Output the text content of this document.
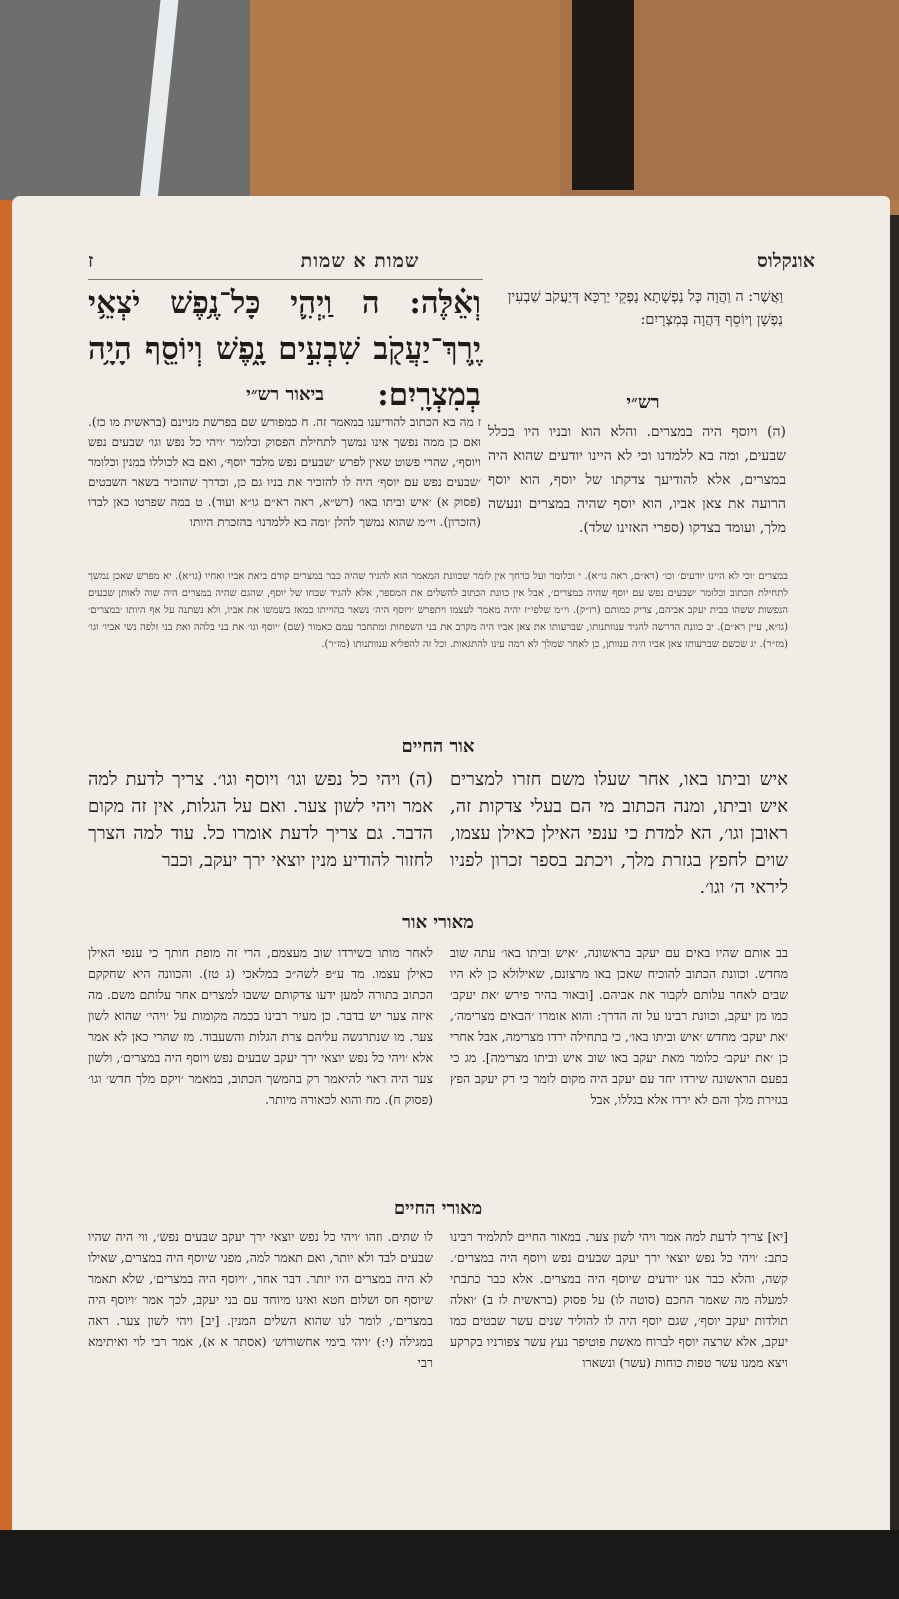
אונקלוס
שמות א שמות
ז
וְאֵ֗לֶּה: ה וַֽיְהִ֛י כָּל־נֶ֥פֶשׁ יֹצְאֵ֥י יֶֽרֶךְ־יַעֲקֹ֖ב שִׁבְעִ֣ים נָ֑פֶשׁ וְיוֹסֵ֖ף הָיָ֥ה בְמִצְרָֽיִם:
וַאֲשֶׁר: ה וַהֲוָה כָּל נַפְשָׁתָא נָפְקֵי יַרְכָּא דְּיַעֲקֹב שַׁבְעִין נַפְשָׁן וְיוֹסֵף דַּהֲוָה בְּמִצְרָיִם:
רש״י
(ה) ויוסף היה במצרים. והלא הוא ובניו היו בכלל שבעים, ומה בא ללמדנו וכי לא היינו יודעים שהוא היה במצרים, אלא להודיעך צדקתו של יוסף, הוא יוסף הרועה את צאן אביו, הוא יוסף שהיה במצרים ונעשה מלך, ועומד בצדקו (ספרי האזינו שלד).
ביאור רש״י
ז מה בא הכתוב להודיענו במאמר זה. ח כמפורש שם בפרשת מניינם (בראשית מו כז). ואם כן ממה נפשך אינו נמשך לתחילת הפסוק וכלומר ׳ויהי כל נפש וגו׳ שבעים נפש ויוסף׳, שהרי פשוט שאין לפרש ׳שבעים נפש מלבד יוסף׳, ואם בא לכוללו במנין וכלומר ׳שבעים נפש עם יוסף׳ היה לו להזכיר את בניו גם כן, וכדרך שהזכיר בשאר השבטים (פסוק א) ׳איש וביתו באו׳ (רש״א, ראה רא״ם גו״א ועוד). ט במה שפרטו כאן לבדו (הזכרון). וי״מ שהוא נמשך להלן ׳ומה בא ללמדנו׳ בהזכרת היותו
במצרים ׳וכי לא היינו יודעים׳ וכו׳ (רא״ם, ראה גו״א). י וכלומר ועל כרחך אין לומר שכוונת המאמר הוא להגיד שהיה כבר במצרים קודם ביאת אביו ואחיו (גו״א). יא מפרש שאכן נמשך לתחילת הכתוב וכלומר ׳שבעים נפש עם יוסף שהיה במצרים׳, אבל אין כוונת הכתוב להשלים את המספר, אלא להגיד שבחו של יוסף, שהגם שהיה במצרים היה שוה לאותן שבעים הנפשות ששהו בבית יעקב אביהם, צדיק כמותם (רז״ק). וי״מ שלפי״ז יהיה מאמר לעצמו ויתפרש ׳ויוסף היה׳ נשאר בהוייתו כמאז בשמשו את אביו, ולא נשתנה על אף היותו ׳במצרים׳ (גו״א, עיין רא״ם). יב כוונת הדרשה להגיד ענוותנותו, שברעותו את צאן אביו היה מקרב את בני השפחות ומתחבר עמם כאמור (שם) ׳יוסף וגו׳ את בני בלהה ואת בני זלפה נשי אביו׳ וגו׳ (מז״ר). יג שכשם שברעותו צאן אביו היה ענוותן, כן לאחר שמלך לא רמה עינו להתגאות. וכל זה להפליא ענוותנותו (מז״ר).
אור החיים
איש וביתו באו, אחר שעלו משם חזרו למצרים איש וביתו, ומנה הכתוב מי הם בעלי צדקות זה, ראובן וגו׳, הא למדת כי ענפי האילן כאילן עצמו, שוים לחפץ בגזרת מלך, ויכתב בספר זכרון לפניו ליראי ה׳ וגו׳.
(ה) ויהי כל נפש וגו׳ ויוסף וגו׳. צריך לדעת למה אמר ויהי לשון צער. ואם על הגלות, אין זה מקום הדבר. גם צריך לדעת אומרו כל. עוד למה הצרך לחזור להודיע מנין יוצאי ירך יעקב, וכבר
מאורי אור
בב אותם שהיו באים עם יעקב בראשונה, ׳איש וביתו באו׳ עתה שוב מחדש. וכוונת הכתוב להוכיח שאכן באו מרצונם, שאילולא כן לא היו שבים לאחר עלותם לקבור את אביהם. [ובאור בהיר פירש ׳את יעקב׳ כמו מן יעקב, וכוונת רבינו על זה הדרך: והוא אומרו ׳הבאים מצרימה׳, ׳את יעקב׳ מחדש ׳איש וביתו באו׳, כי בתחילה ירדו מצרימה, אבל אחרי כן ׳את יעקב׳ כלומר מאת יעקב באו שוב איש וביתו מצרימה]. מג כי בפעם הראשונה שירדו יחד עם יעקב היה מקום לומר כי רק יעקב הפץ בגזירת מלך והם לא ירדו אלא בגללו, אבל
לאחר מותו כשירדו שוב מעצמם, הרי זה מופת חותך כי ענפי האילן כאילן עצמו. מד ע״פ לשה״כ במלאכי (ג טז). והכוונה היא שחקקם הכתוב בתורה למען ידעו צדקותם ששבו למצרים אחר עלותם משם. מה איזה צער יש בדבר. כן מעיר רבינו בכמה מקומות על ׳ויהי׳ שהוא לשון צער. מו שנתרגשה עליהם צרת הגלות והשעבוד. מז שהרי כאן לא אמר אלא ׳ויהי כל נפש יוצאי ירך יעקב שבעים נפש ויוסף היה במצרים׳, ולשון צער היה ראוי להיאמר רק בהמשך הכתוב, במאמר ׳ויקם מלך חדש׳ וגו׳ (פסוק ח). מח והוא לכאורה מיותר.
מאורי החיים
[יא] צריך לדעת למה אמר ויהי לשון צער. במאור החיים לתלמיד רבינו כתב: ׳ויהי כל נפש יוצאי ירך יעקב שבעים נפש ויוסף היה במצרים׳. קשה, והלא כבר אנו יודעים שיוסף היה במצרים. אלא כבר כתבתי למעלה מה שאמר החכם (סוטה לו) על פסוק (בראשית לז ב) ׳ואלה תולדות יעקב יוסף׳, שגם יוסף היה לו להוליד שנים עשר שבטים כמו יעקב, אלא שרצה יוסף לברוח מאשת פוטיפר נעץ עשר צפורניו בקרקע ויצא ממנו עשר טפות כוחות (עשר) ונשארו
לו שתים. וזהו ׳ויהי כל נפש יוצאי ירך יעקב שבעים נפש׳, ווי היה שהיו שבעים לבד ולא יותר, ואם תאמר למה, מפני שיוסף היה במצרים, שאילו לא היה במצרים היו יותר. דבר אחר, ׳ויוסף היה במצרים׳, שלא תאמר שיוסף חס ושלום חטא ואינו מיוחד עם בני יעקב, לכך אמר ׳ויוסף היה במצרים׳, לומר לנו שהוא השלים המנין. [יב] ויהי לשון צער. ראה במגילה (י:) ׳ויהי בימי אחשורוש׳ (אסתר א א), אמר רבי לוי ואיתימא רבי
